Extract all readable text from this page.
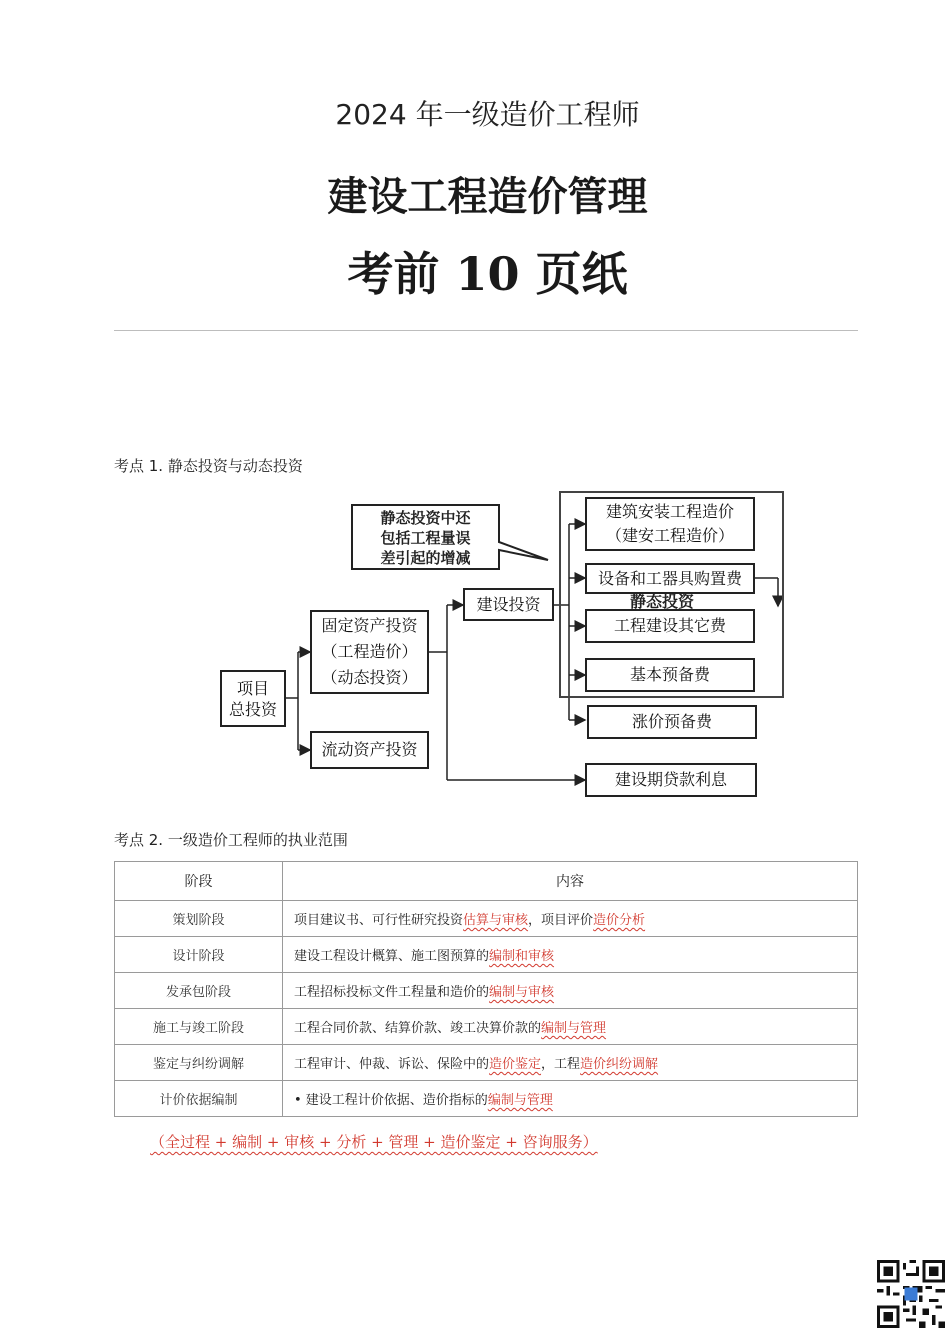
2024 年一级造价工程师
建设工程造价管理
考前 10 页纸
考点 1. 静态投资与动态投资
静态投资中还
包括工程量误
差引起的增减
项目
总投资
固定资产投资
（工程造价）
（动态投资）
流动资产投资
建设投资
建筑安装工程造价
（建安工程造价）
设备和工器具购置费
工程建设其它费
基本预备费
静态投资
涨价预备费
建设期贷款利息
考点 2. 一级造价工程师的执业范围
阶段	内容
策划阶段	项目建议书、可行性研究投资估算与审核，项目评价造价分析
设计阶段	建设工程设计概算、施工图预算的编制和审核
发承包阶段	工程招标投标文件工程量和造价的编制与审核
施工与竣工阶段	工程合同价款、结算价款、竣工决算价款的编制与管理
鉴定与纠纷调解	工程审计、仲裁、诉讼、保险中的造价鉴定，工程造价纠纷调解
计价依据编制	• 建设工程计价依据、造价指标的编制与管理
（全过程 + 编制 + 审核 + 分析 + 管理 + 造价鉴定 + 咨询服务）
